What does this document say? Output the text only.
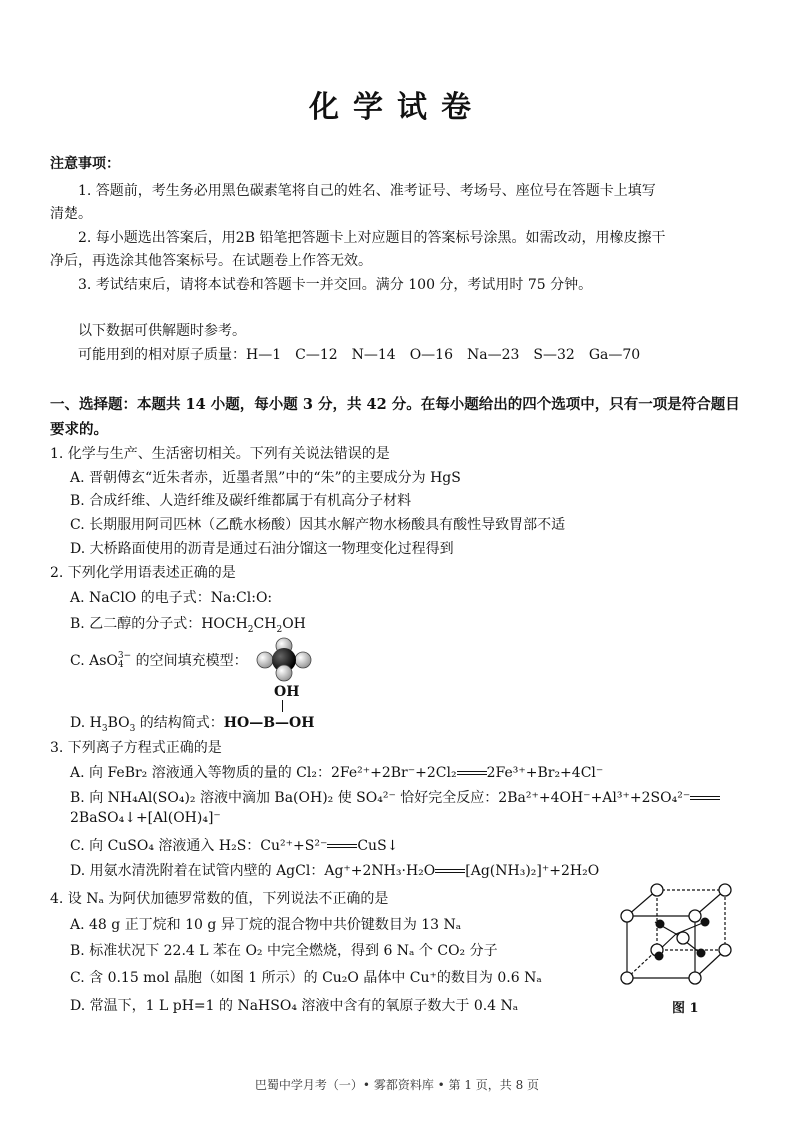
化学试卷
注意事项：
1. 答题前，考生务必用黑色碳素笔将自己的姓名、准考证号、考场号、座位号在答题卡上填写
清楚。
2. 每小题选出答案后，用2B 铅笔把答题卡上对应题目的答案标号涂黑。如需改动，用橡皮擦干
净后，再选涂其他答案标号。在试题卷上作答无效。
3. 考试结束后，请将本试卷和答题卡一并交回。满分 100 分，考试用时 75 分钟。
以下数据可供解题时参考。
可能用到的相对原子质量：H—1　C—12　N—14　O—16　Na—23　S—32　Ga—70
一、选择题：本题共 14 小题，每小题 3 分，共 42 分。在每小题给出的四个选项中，只有一项是符合题目要求的。
1. 化学与生产、生活密切相关。下列有关说法错误的是
A. 晋朝傅玄“近朱者赤，近墨者黑”中的“朱”的主要成分为 HgS
B. 合成纤维、人造纤维及碳纤维都属于有机高分子材料
C. 长期服用阿司匹林（乙酰水杨酸）因其水解产物水杨酸具有酸性导致胃部不适
D. 大桥路面使用的沥青是通过石油分馏这一物理变化过程得到
2. 下列化学用语表述正确的是
A. NaClO 的电子式：Na:Cl:O:
B. 乙二醇的分子式：$HOCH_2CH_2OH$
C. AsO3−
4 的空间填充模型：
OH
D. $H_3BO_3$ 的结构简式：HO—B—OH
3. 下列离子方程式正确的是
A. 向 FeBr₂ 溶液通入等物质的量的 Cl₂：2Fe²⁺+2Br⁻+2Cl₂ 2Fe³⁺+Br₂+4Cl⁻
B. 向 NH₄Al(SO₄)₂ 溶液中滴加 Ba(OH)₂ 使 SO₄²⁻ 恰好完全反应：2Ba²⁺+4OH⁻+Al³⁺+2SO₄²⁻
2BaSO₄↓+[Al(OH)₄]⁻
C. 向 CuSO₄ 溶液通入 H₂S：Cu²⁺+S²⁻ CuS↓
D. 用氨水清洗附着在试管内壁的 AgCl：Ag⁺+2NH₃·H₂O [Ag(NH₃)₂]⁺+2H₂O
4. 设 Nₐ 为阿伏加德罗常数的值，下列说法不正确的是
A. 48 g 正丁烷和 10 g 异丁烷的混合物中共价键数目为 13 Nₐ
B. 标准状况下 22.4 L 苯在 O₂ 中完全燃烧，得到 6 Nₐ 个 CO₂ 分子
C. 含 0.15 mol 晶胞（如图 1 所示）的 Cu₂O 晶体中 Cu⁺的数目为 0.6 Nₐ
D. 常温下，1 L pH=1 的 NaHSO₄ 溶液中含有的氧原子数大于 0.4 Nₐ	图 1
巴蜀中学月考（一）• 雾都资料库 • 第 1 页，共 8 页
